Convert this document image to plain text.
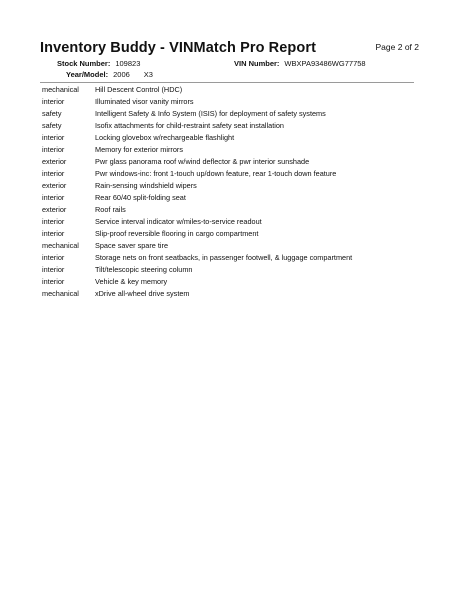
Inventory Buddy - VINMatch Pro Report	Page 2 of 2
Stock Number: 109823
Year/Model: 2006 X3
VIN Number: WBXPA93486WG77758
mechanical Hill Descent Control (HDC)
interior	Illuminated visor vanity mirrors
safety	Intelligent Safety & Info System (ISIS) for deployment of safety systems
safety	Isofix attachments for child-restraint safety seat installation
interior	Locking glovebox w/rechargeable flashlight
interior	Memory for exterior mirrors
exterior	Pwr glass panorama roof w/wind deflector & pwr interior sunshade
interior	Pwr windows-inc: front 1-touch up/down feature, rear 1-touch down feature
exterior	Rain-sensing windshield wipers
interior	Rear 60/40 split-folding seat
exterior	Roof rails
interior	Service interval indicator w/miles-to-service readout
interior	Slip-proof reversible flooring in cargo compartment
mechanical Space saver spare tire
interior	Storage nets on front seatbacks, in passenger footwell, & luggage compartment
interior	Tilt/telescopic steering column
interior	Vehicle & key memory
mechanical xDrive all-wheel drive system
